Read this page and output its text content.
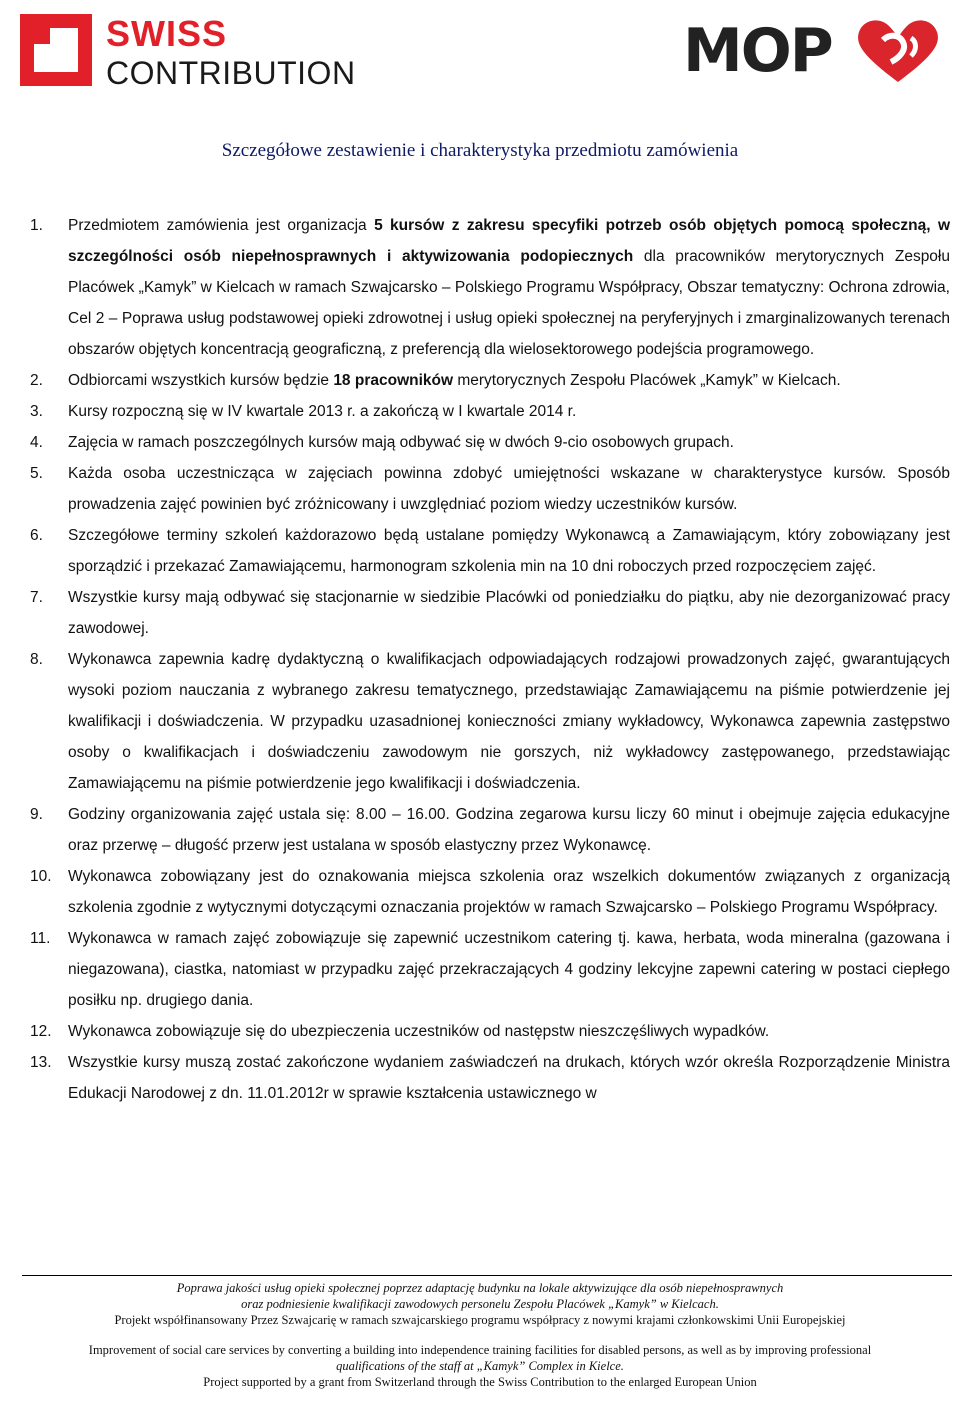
SWISS
CONTRIBUTION	MOP
Szczegółowe zestawienie i charakterystyka przedmiotu zamówienia
1.	Przedmiotem zamówienia jest organizacja 5 kursów z zakresu specyfiki potrzeb osób objętych pomocą społeczną, w szczególności osób niepełnosprawnych i aktywizowania podopiecznych dla pracowników merytorycznych Zespołu Placówek „Kamyk” w Kielcach w ramach Szwajcarsko – Polskiego Programu Współpracy, Obszar tematyczny: Ochrona zdrowia, Cel 2 – Poprawa usług podstawowej opieki zdrowotnej i usług opieki społecznej na peryferyjnych i zmarginalizowanych terenach obszarów objętych koncentracją geograficzną, z preferencją dla wielosektorowego podejścia programowego.
2.	Odbiorcami wszystkich kursów będzie 18 pracowników merytorycznych Zespołu Placówek „Kamyk” w Kielcach.
3.	Kursy rozpoczną się w IV kwartale 2013 r. a zakończą w I kwartale 2014 r.
4.	Zajęcia w ramach poszczególnych kursów mają odbywać się w dwóch 9-cio osobowych grupach.
5.	Każda osoba uczestnicząca w zajęciach powinna zdobyć umiejętności wskazane w charakterystyce kursów. Sposób prowadzenia zajęć powinien być zróżnicowany i uwzględniać poziom wiedzy uczestników kursów.
6.	Szczegółowe terminy szkoleń każdorazowo będą ustalane pomiędzy Wykonawcą a Zamawiającym, który zobowiązany jest sporządzić i przekazać Zamawiającemu, harmonogram szkolenia min na 10 dni roboczych przed rozpoczęciem zajęć.
7.	Wszystkie kursy mają odbywać się stacjonarnie w siedzibie Placówki od poniedziałku do piątku, aby nie dezorganizować pracy zawodowej.
8.	Wykonawca zapewnia kadrę dydaktyczną o kwalifikacjach odpowiadających rodzajowi prowadzonych zajęć, gwarantujących wysoki poziom nauczania z wybranego zakresu tematycznego, przedstawiając Zamawiającemu na piśmie potwierdzenie jej kwalifikacji i doświadczenia. W przypadku uzasadnionej konieczności zmiany wykładowcy, Wykonawca zapewnia zastępstwo osoby o kwalifikacjach i doświadczeniu zawodowym nie gorszych, niż wykładowcy zastępowanego, przedstawiając Zamawiającemu na piśmie potwierdzenie jego kwalifikacji i doświadczenia.
9.	Godziny organizowania zajęć ustala się: 8.00 – 16.00. Godzina zegarowa kursu liczy 60 minut i obejmuje zajęcia edukacyjne oraz przerwę – długość przerw jest ustalana w sposób elastyczny przez Wykonawcę.
10.	Wykonawca zobowiązany jest do oznakowania miejsca szkolenia oraz wszelkich dokumentów związanych z organizacją szkolenia zgodnie z wytycznymi dotyczącymi oznaczania projektów w ramach Szwajcarsko – Polskiego Programu Współpracy.
11.	Wykonawca w ramach zajęć zobowiązuje się zapewnić uczestnikom catering tj. kawa, herbata, woda mineralna (gazowana i niegazowana), ciastka, natomiast w przypadku zajęć przekraczających 4 godziny lekcyjne zapewni catering w postaci ciepłego posiłku np. drugiego dania.
12.	Wykonawca zobowiązuje się do ubezpieczenia uczestników od następstw nieszczęśliwych wypadków.
13.	Wszystkie kursy muszą zostać zakończone wydaniem zaświadczeń na drukach, których wzór określa Rozporządzenie Ministra Edukacji Narodowej z dn. 11.01.2012r w sprawie kształcenia ustawicznego w
Poprawa jakości usług opieki społecznej poprzez adaptację budynku na lokale aktywizujące dla osób niepełnosprawnych
oraz podniesienie kwalifikacji zawodowych personelu Zespołu Placówek „Kamyk” w Kielcach.
Projekt współfinansowany Przez Szwajcarię w ramach szwajcarskiego programu współpracy z nowymi krajami członkowskimi Unii Europejskiej
Improvement of social care services by converting a building into independence training facilities for disabled persons, as well as by improving professional
qualifications of the staff at „Kamyk” Complex in Kielce.
Project supported by a grant from Switzerland through the Swiss Contribution to the enlarged European Union
